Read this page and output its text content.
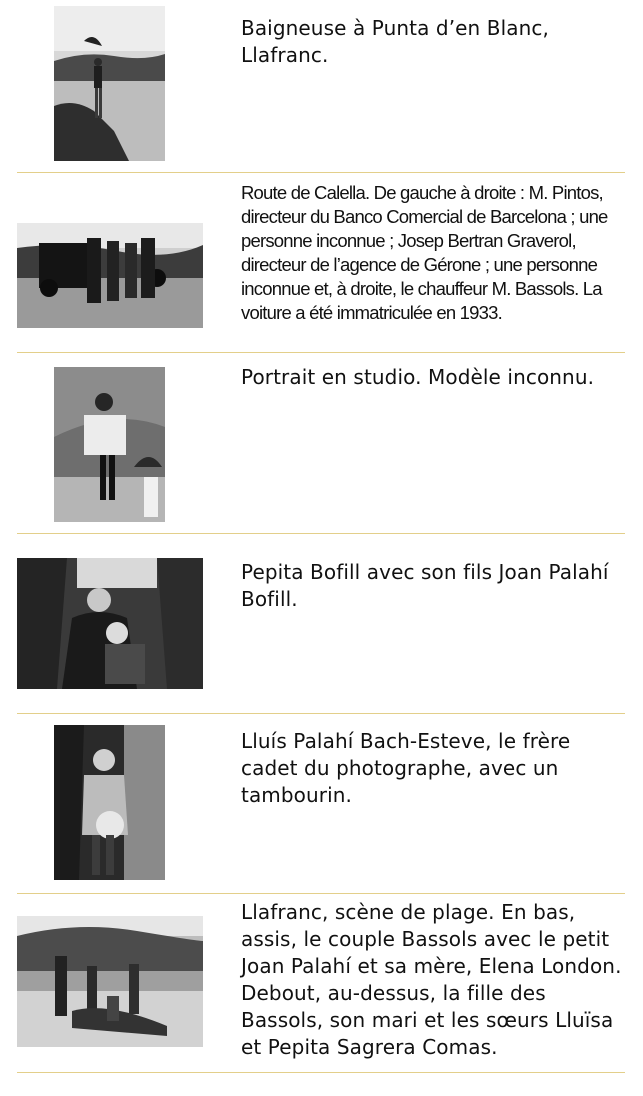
Baigneuse à Punta d’en Blanc, Llafranc.

Route de Calella. De gauche à droite : M. Pintos, directeur du Banco Comercial de Barcelona ; une personne inconnue ; Josep Bertran Graverol, directeur de l’agence de Gérone ; une personne inconnue et, à droite, le chauffeur M. Bassols. La voiture a été immatriculée en 1933.

Portrait en studio. Modèle inconnu.

Pepita Bofill avec son fils Joan Palahí Bofill.

Lluís Palahí Bach-Esteve, le frère cadet du photographe, avec un tambourin.

Llafranc, scène de plage. En bas, assis, le couple Bassols avec le petit Joan Palahí et sa mère, Elena London. Debout, au-dessus, la fille des Bassols, son mari et les sœurs Lluïsa et Pepita Sagrera Comas.
